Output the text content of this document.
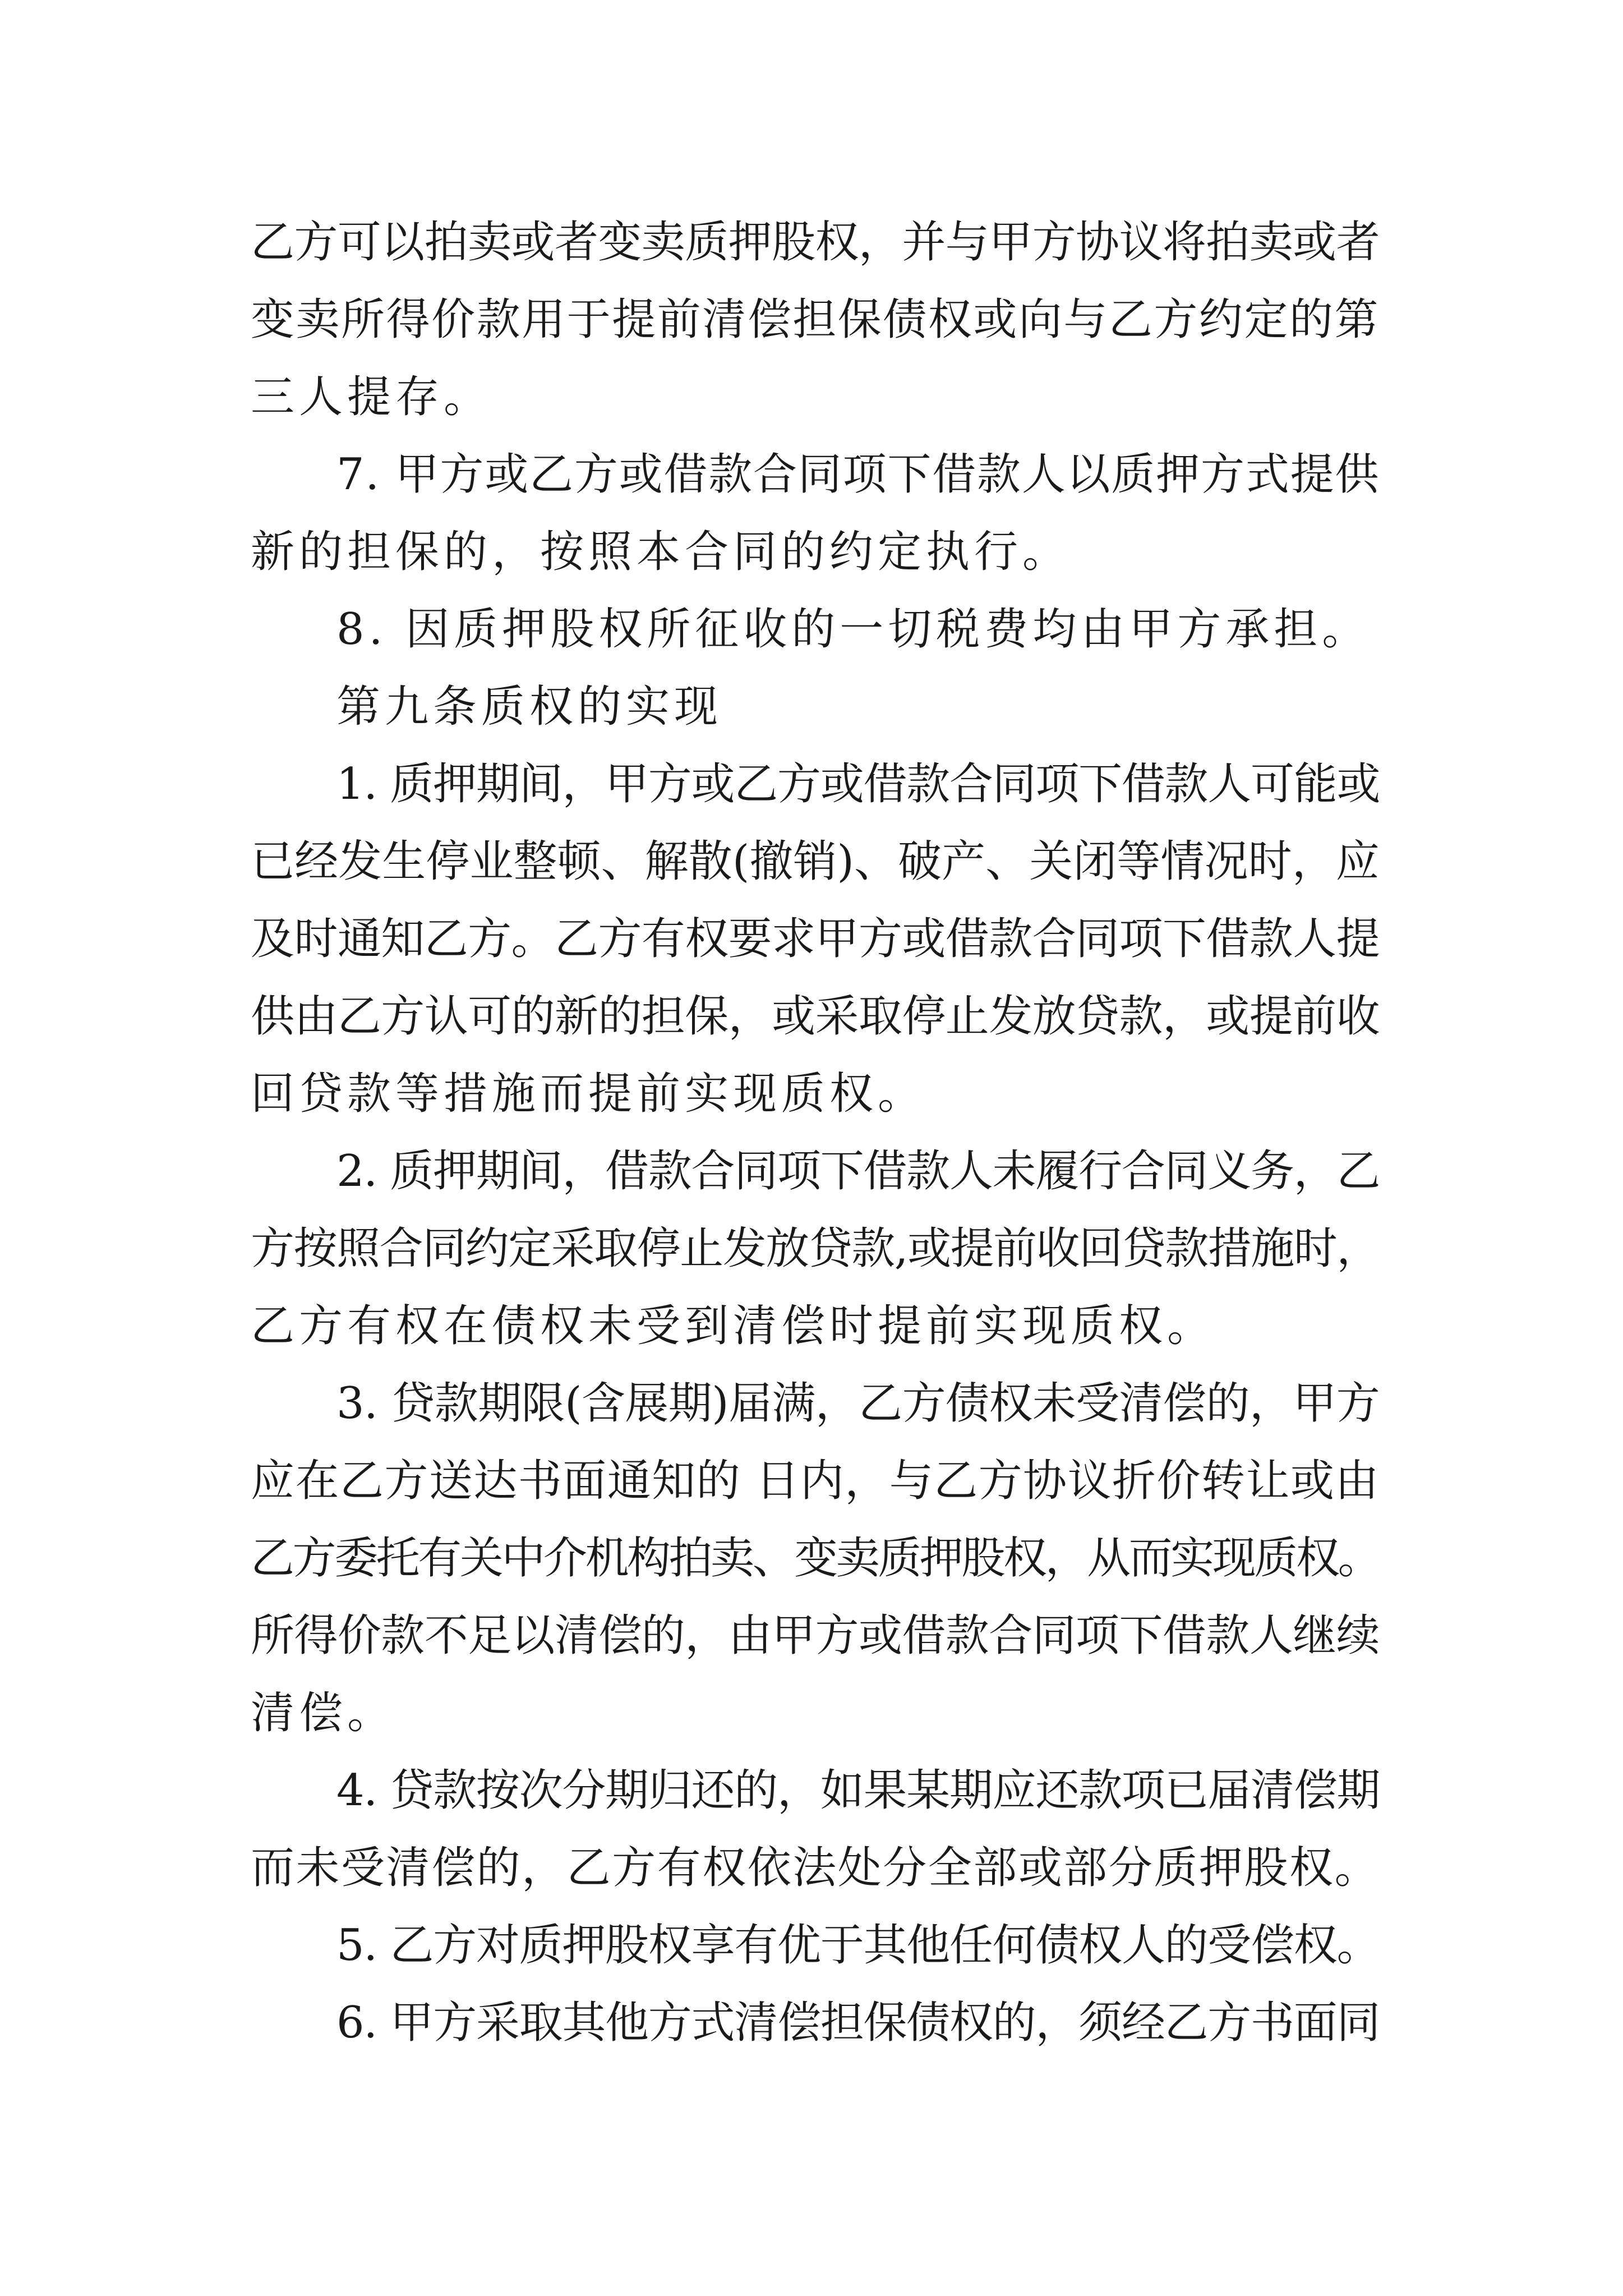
乙方可以拍卖或者变卖质押股权，并与甲方协议将拍卖或者
变卖所得价款用于提前清偿担保债权或向与乙方约定的第
三人提存。
7. 甲方或乙方或借款合同项下借款人以质押方式提供
新的担保的，按照本合同的约定执行。
8. 因质押股权所征收的一切税费均由甲方承担。
第九条质权的实现
1. 质押期间，甲方或乙方或借款合同项下借款人可能或
已经发生停业整顿、解散(撤销)、破产、关闭等情况时，应
及时通知乙方。乙方有权要求甲方或借款合同项下借款人提
供由乙方认可的新的担保，或采取停止发放贷款，或提前收
回贷款等措施而提前实现质权。
2. 质押期间，借款合同项下借款人未履行合同义务，乙
方按照合同约定采取停止发放贷款,或提前收回贷款措施时，
乙方有权在债权未受到清偿时提前实现质权。
3. 贷款期限(含展期)届满，乙方债权未受清偿的，甲方
应在乙方送达书面通知的 日内，与乙方协议折价转让或由
乙方委托有关中介机构拍卖、变卖质押股权，从而实现质权。
所得价款不足以清偿的，由甲方或借款合同项下借款人继续
清偿。
4. 贷款按次分期归还的，如果某期应还款项已届清偿期
而未受清偿的，乙方有权依法处分全部或部分质押股权。
5. 乙方对质押股权享有优于其他任何债权人的受偿权。
6. 甲方采取其他方式清偿担保债权的，须经乙方书面同
